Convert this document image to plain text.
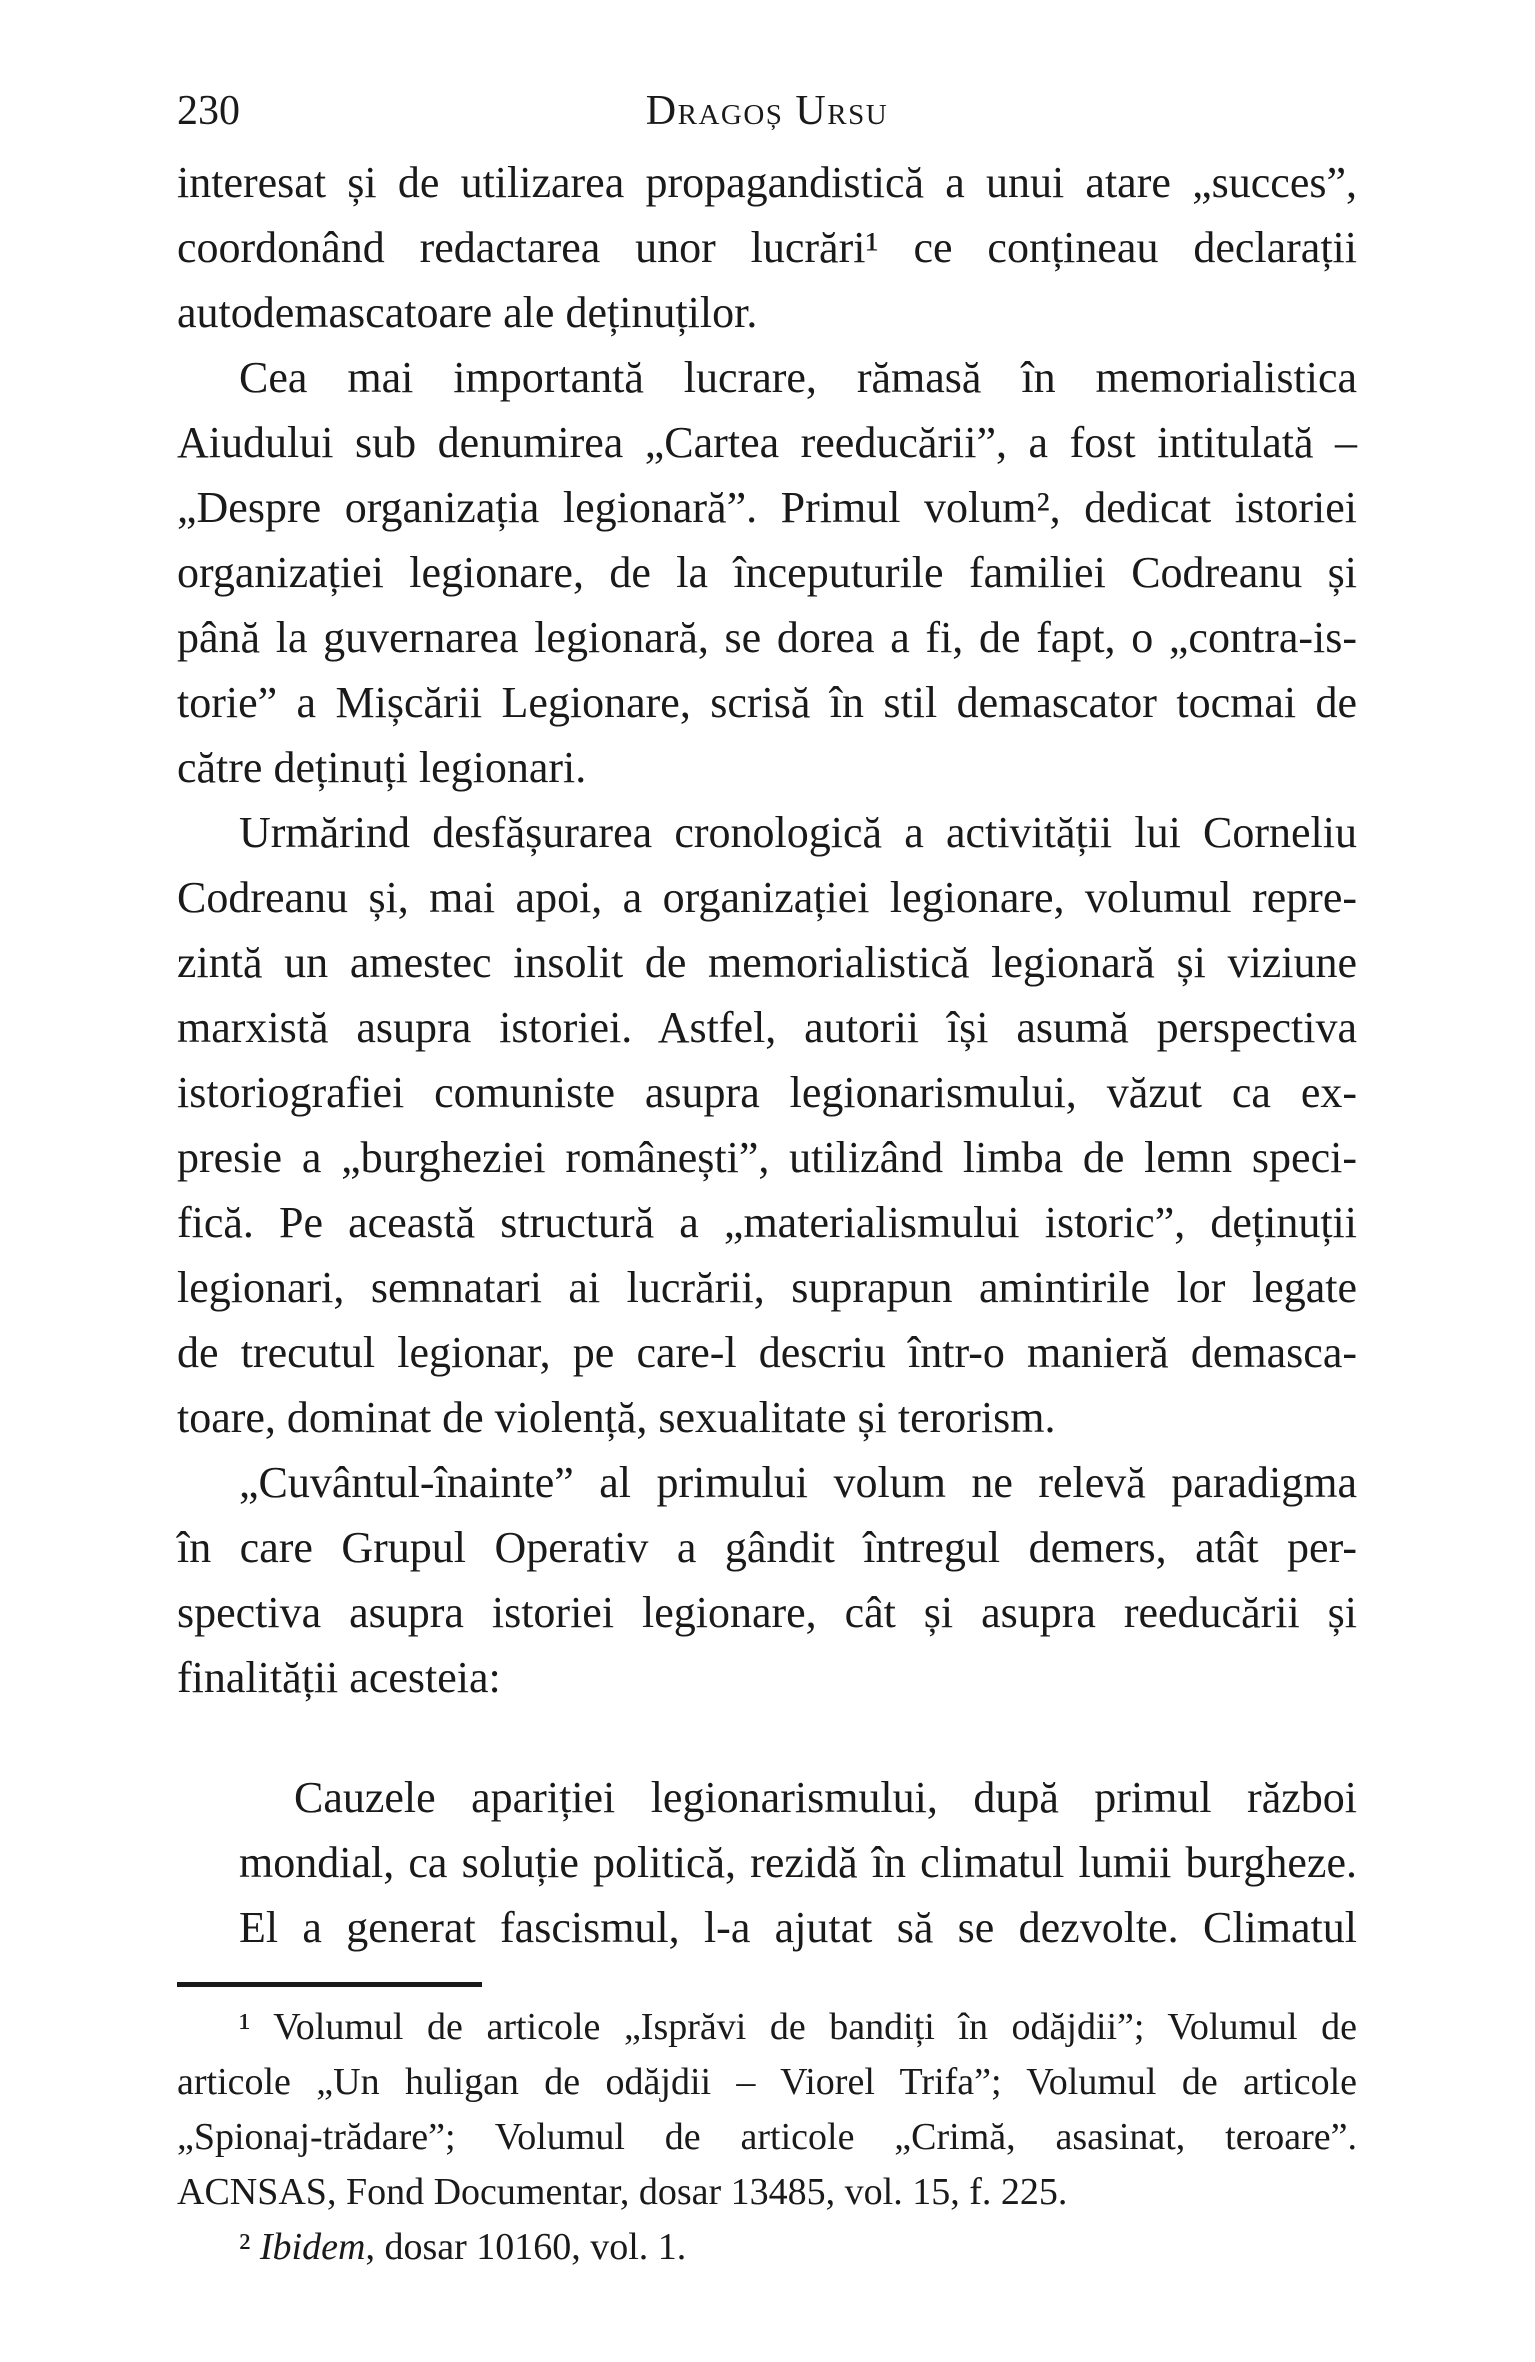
230	Dragoș Ursu
interesat și de utilizarea propagandistică a unui atare „succes”,
coordonând redactarea unor lucrări¹ ce conțineau declarații
autodemascatoare ale deținuților.
Cea mai importantă lucrare, rămasă în memorialistica
Aiudului sub denumirea „Cartea reeducării”, a fost intitulată –
„Despre organizația legionară”. Primul volum², dedicat istoriei
organizației legionare, de la începuturile familiei Codreanu și
până la guvernarea legionară, se dorea a fi, de fapt, o „contra-is-
torie” a Mișcării Legionare, scrisă în stil demascator tocmai de
către deținuți legionari.
Urmărind desfășurarea cronologică a activității lui Corneliu
Codreanu și, mai apoi, a organizației legionare, volumul repre-
zintă un amestec insolit de memorialistică legionară și viziune
marxistă asupra istoriei. Astfel, autorii își asumă perspectiva
istoriografiei comuniste asupra legionarismului, văzut ca ex-
presie a „burgheziei românești”, utilizând limba de lemn speci-
fică. Pe această structură a „materialismului istoric”, deținuții
legionari, semnatari ai lucrării, suprapun amintirile lor legate
de trecutul legionar, pe care-l descriu într-o manieră demasca-
toare, dominat de violență, sexualitate și terorism.
„Cuvântul-înainte” al primului volum ne relevă paradigma
în care Grupul Operativ a gândit întregul demers, atât per-
spectiva asupra istoriei legionare, cât și asupra reeducării și
finalității acesteia:
Cauzele apariției legionarismului, după primul război
mondial, ca soluție politică, rezidă în climatul lumii burgheze.
El a generat fascismul, l-a ajutat să se dezvolte. Climatul
¹ Volumul de articole „Isprăvi de bandiți în odăjdii”; Volumul de
articole „Un huligan de odăjdii – Viorel Trifa”; Volumul de articole
„Spionaj-trădare”; Volumul de articole „Crimă, asasinat, teroare”.
ACNSAS, Fond Documentar, dosar 13485, vol. 15, f. 225.
² Ibidem, dosar 10160, vol. 1.
